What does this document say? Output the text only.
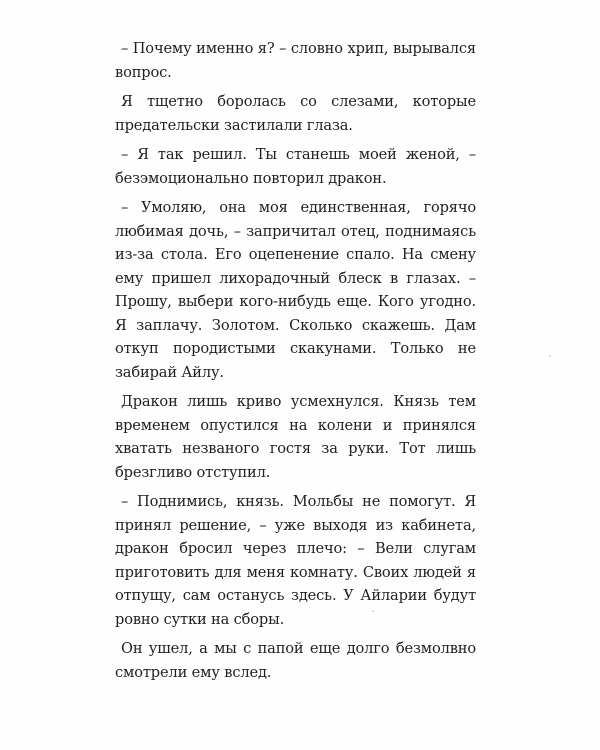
– Почему именно я? – словно хрип, вырывался вопрос.

Я тщетно боролась со слезами, которые предательски застилали глаза.

– Я так решил. Ты станешь моей женой, – безэмоционально повторил дракон.

– Умоляю, она моя единственная, горячо любимая дочь, – запричитал отец, поднимаясь из-за стола. Его оцепенение спало. На смену ему пришел лихорадочный блеск в глазах. – Прошу, выбери кого-нибудь еще. Кого угодно. Я заплачу. Золотом. Сколько скажешь. Дам откуп породистыми скакунами. Только не забирай Айлу.

Дракон лишь криво усмехнулся. Князь тем временем опустился на колени и принялся хватать незваного гостя за руки. Тот лишь брезгливо отступил.

– Поднимись, князь. Мольбы не помогут. Я принял решение, – уже выходя из кабинета, дракон бросил через плечо: – Вели слугам приготовить для меня комнату. Своих людей я отпущу, сам останусь здесь. У Айларии будут ровно сутки на сборы.

Он ушел, а мы с папой еще долго безмолвно смотрели ему вслед.
